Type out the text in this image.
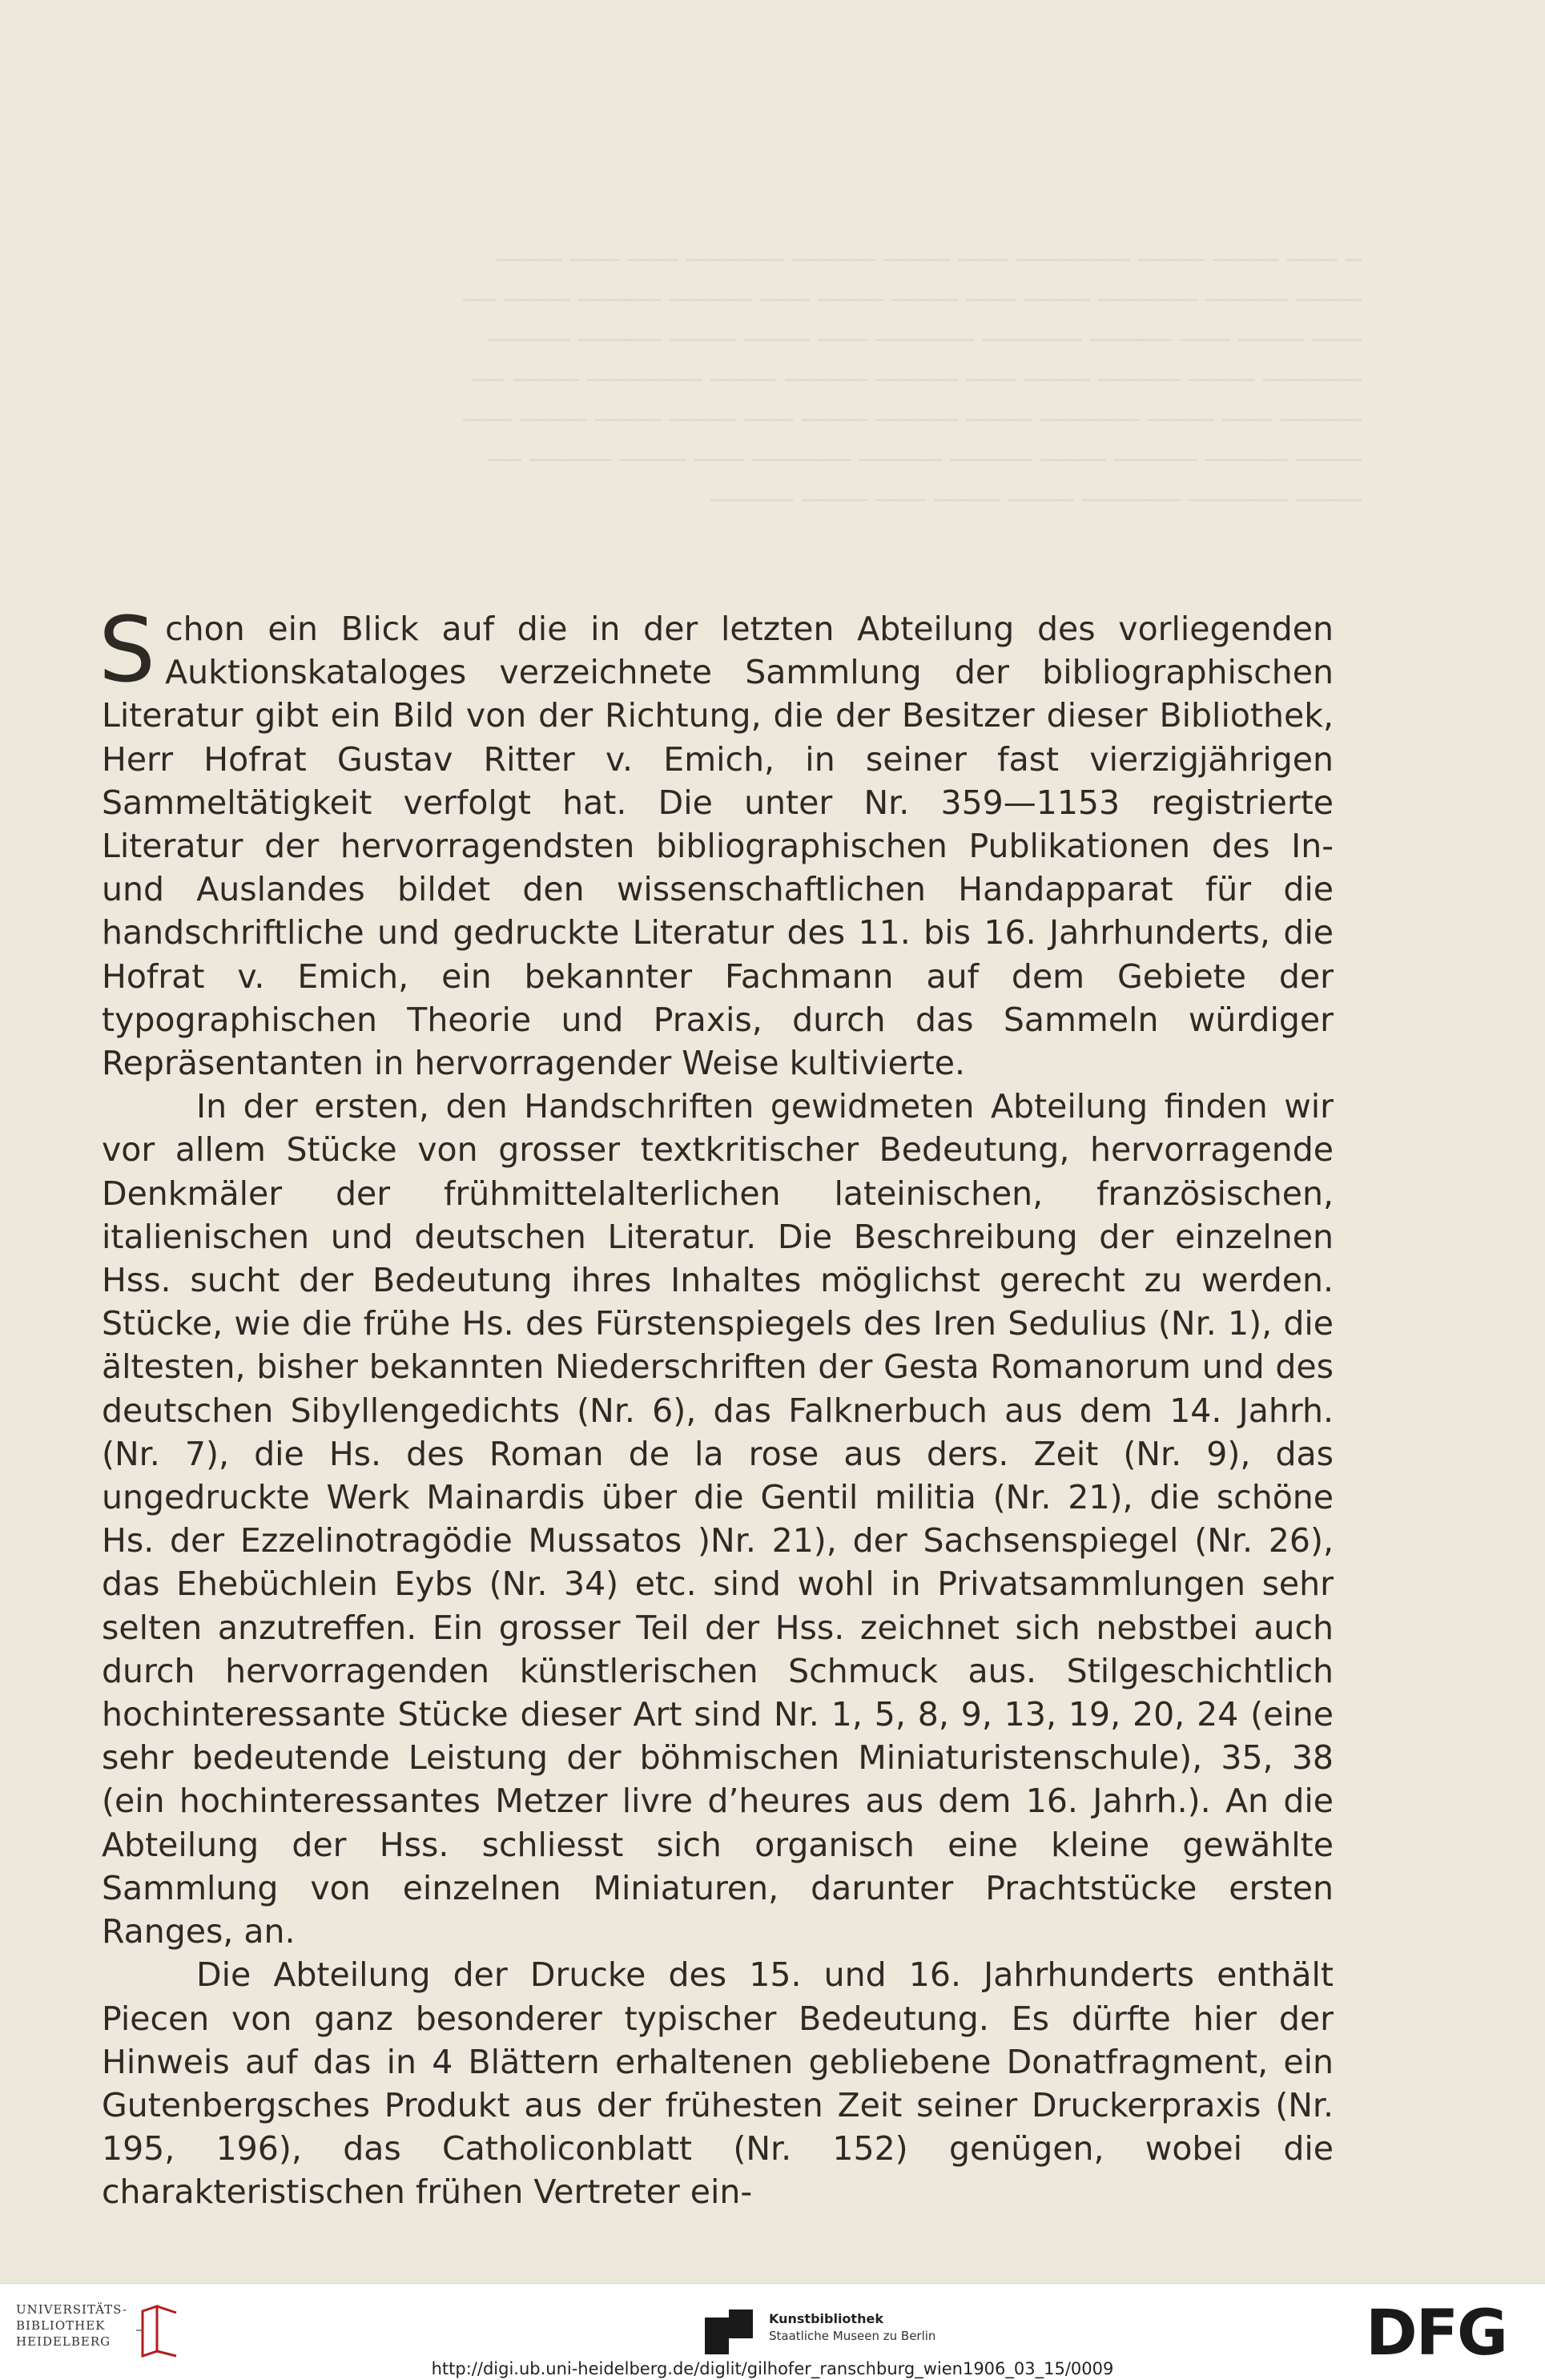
─ ─── ──── ──── ─────── ─── ──── ───── ────── ─── ─── ────
──── ───── ────── ──── ─── ──── ──── ─── ───── ───── ──── ──
─── ──── ─── ───── ────── ────── ─── ──── ──── ───── ─────
────── ──── ───── ──── ─── ───── ───── ──── ─────── ──── ──
───── ─── ──── ────── ──── ───── ──── ─── ──── ──── ──── ───
──── ───── ───── ──── ───── ───── ────── ─── ──── ───── ──
──── ────── ────── ──── ──── ─── ──── ─────

Schon ein Blick auf die in der letzten Abteilung des vorliegenden Auktionskataloges verzeichnete Sammlung der bibliographischen Literatur gibt ein Bild von der Richtung, die der Besitzer dieser Bibliothek, Herr Hofrat Gustav Ritter v. Emich, in seiner fast vierzigjährigen Sammeltätigkeit verfolgt hat. Die unter Nr. 359—1153 registrierte Literatur der hervorragendsten bibliographischen Publikationen des In- und Auslandes bildet den wissenschaftlichen Handapparat für die handschriftliche und gedruckte Literatur des 11. bis 16. Jahrhunderts, die Hofrat v. Emich, ein bekannter Fachmann auf dem Gebiete der typographischen Theorie und Praxis, durch das Sammeln würdiger Repräsentanten in hervorragender Weise kultivierte.

In der ersten, den Handschriften gewidmeten Abteilung finden wir vor allem Stücke von grosser textkritischer Bedeutung, hervorragende Denkmäler der frühmittelalterlichen lateinischen, französischen, italienischen und deutschen Literatur. Die Beschreibung der einzelnen Hss. sucht der Bedeutung ihres Inhaltes möglichst gerecht zu werden. Stücke, wie die frühe Hs. des Fürstenspiegels des Iren Sedulius (Nr. 1), die ältesten, bisher bekannten Niederschriften der Gesta Romanorum und des deutschen Sibyllengedichts (Nr. 6), das Falknerbuch aus dem 14. Jahrh. (Nr. 7), die Hs. des Roman de la rose aus ders. Zeit (Nr. 9), das ungedruckte Werk Mainardis über die Gentil militia (Nr. 21), die schöne Hs. der Ezzelinotragödie Mussatos )Nr. 21), der Sachsenspiegel (Nr. 26), das Ehebüchlein Eybs (Nr. 34) etc. sind wohl in Privatsammlungen sehr selten anzutreffen. Ein grosser Teil der Hss. zeichnet sich nebstbei auch durch hervorragenden künstlerischen Schmuck aus. Stilgeschichtlich hochinteressante Stücke dieser Art sind Nr. 1, 5, 8, 9, 13, 19, 20, 24 (eine sehr bedeutende Leistung der böhmischen Miniaturistenschule), 35, 38 (ein hochinteressantes Metzer livre d’heures aus dem 16. Jahrh.). An die Abteilung der Hss. schliesst sich organisch eine kleine gewählte Sammlung von einzelnen Miniaturen, darunter Prachtstücke ersten Ranges, an.

Die Abteilung der Drucke des 15. und 16. Jahrhunderts enthält Piecen von ganz besonderer typischer Bedeutung. Es dürfte hier der Hinweis auf das in 4 Blättern erhaltenen gebliebene Donatfragment, ein Gutenbergsches Produkt aus der frühesten Zeit seiner Druckerpraxis (Nr. 195, 196), das Catholiconblatt (Nr. 152) genügen, wobei die charakteristischen frühen Vertreter ein-

UNIVERSITÄTS-
BIBLIOTHEK
HEIDELBERG
Kunstbibliothek
Staatliche Museen zu Berlin	DFG
http://digi.ub.uni-heidelberg.de/diglit/gilhofer_ranschburg_wien1906_03_15/0009
